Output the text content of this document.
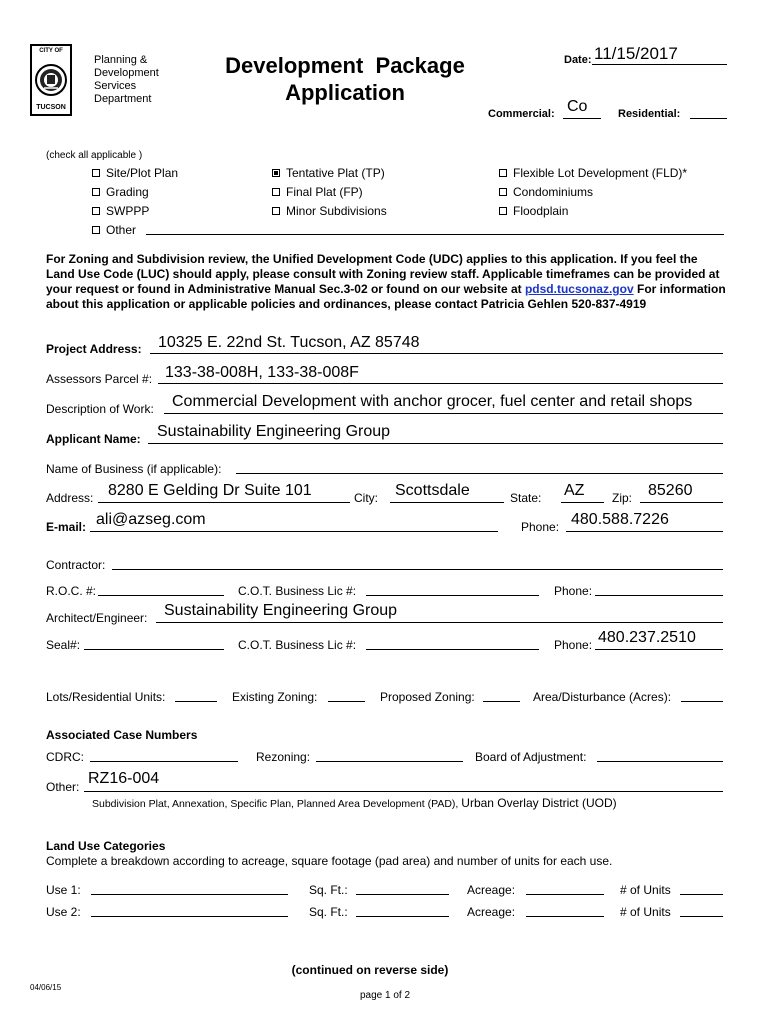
CITY OF
TUCSON
Planning &
Development
Services
Department
Development  Package
Application
Date: 11/15/2017
Commercial: Co	Residential:
(check all applicable )
Site/Plot Plan
Grading
SWPPP
Other
Tentative Plat (TP)
Final Plat (FP)
Minor Subdivisions
Flexible Lot Development (FLD)*
Condominiums
Floodplain
For Zoning and Subdivision review, the Unified Development Code (UDC) applies to this application. If you feel the Land Use Code (LUC) should apply, please consult with Zoning review staff. Applicable timeframes can be provided at your request or found in Administrative Manual Sec.3-02 or found on our website at pdsd.tucsonaz.gov For information about this application or applicable policies and ordinances, please contact Patricia Gehlen 520-837-4919
Project Address: 10325 E. 22nd St. Tucson, AZ 85748
Assessors Parcel #: 133-38-008H, 133-38-008F
Description of Work: Commercial Development with anchor grocer, fuel center and retail shops
Applicant Name: Sustainability Engineering Group
Name of Business (if applicable):
Address: 8280 E Gelding Dr Suite 101	City: Scottsdale	State: AZ Zip: 85260
E-mail: ali@azseg.com	Phone: 480.588.7226
Contractor:
R.O.C. #:	C.O.T. Business Lic #:	Phone:
Architect/Engineer: Sustainability Engineering Group
Seal#:	C.O.T. Business Lic #:	Phone: 480.237.2510
Lots/Residential Units:	Existing Zoning:	Proposed Zoning:	Area/Disturbance (Acres):
Associated Case Numbers
CDRC:	Rezoning:	Board of Adjustment:
Other: RZ16-004
Subdivision Plat, Annexation, Specific Plan, Planned Area Development (PAD), Urban Overlay District (UOD)
Land Use Categories
Complete a breakdown according to acreage, square footage (pad area) and number of units for each use.
Use 1:	Sq. Ft.:	Acreage:	# of Units
Use 2:	Sq. Ft.:	Acreage:	# of Units
(continued on reverse side)
04/06/15
page 1 of 2
